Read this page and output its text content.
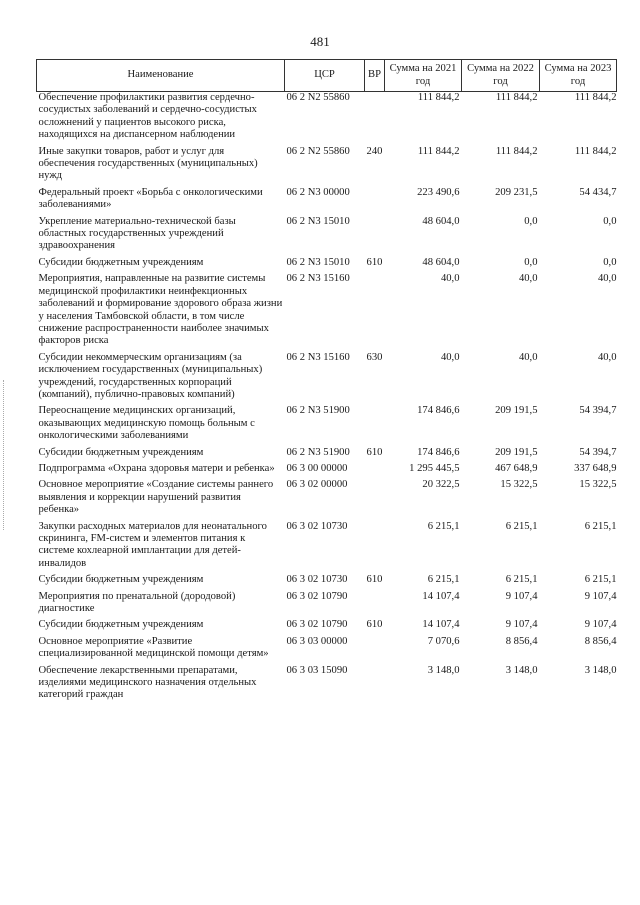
481
Наименование	ЦСР	ВР	Сумма на 2021 год	Сумма на 2022 год	Сумма на 2023 год
Обеспечение профилактики развития сердечно-сосудистых заболеваний и сердечно-сосудистых осложнений у пациентов высокого риска, находящихся на диспансерном наблюдении	06 2 N2 55860		111 844,2	111 844,2	111 844,2
Иные закупки товаров, работ и услуг для обеспечения государственных (муниципальных) нужд	06 2 N2 55860	240	111 844,2	111 844,2	111 844,2
Федеральный проект «Борьба с онкологическими заболеваниями»	06 2 N3 00000		223 490,6	209 231,5	54 434,7
Укрепление материально-технической базы областных государственных учреждений здравоохранения	06 2 N3 15010		48 604,0	0,0	0,0
Субсидии бюджетным учреждениям	06 2 N3 15010	610	48 604,0	0,0	0,0
Мероприятия, направленные на развитие системы медицинской профилактики неинфекционных заболеваний и формирование здорового образа жизни у населения Тамбовской области, в том числе снижение распространенности наиболее значимых факторов риска	06 2 N3 15160		40,0	40,0	40,0
Субсидии некоммерческим организациям (за исключением государственных (муниципальных) учреждений, государственных корпораций (компаний), публично-правовых компаний)	06 2 N3 15160	630	40,0	40,0	40,0
Переоснащение медицинских организаций, оказывающих медицинскую помощь больным с онкологическими заболеваниями	06 2 N3 51900		174 846,6	209 191,5	54 394,7
Субсидии бюджетным учреждениям	06 2 N3 51900	610	174 846,6	209 191,5	54 394,7
Подпрограмма «Охрана здоровья матери и ребенка»	06 3 00 00000		1 295 445,5	467 648,9	337 648,9
Основное мероприятие «Создание системы раннего выявления и коррекции нарушений развития ребенка»	06 3 02 00000		20 322,5	15 322,5	15 322,5
Закупки расходных материалов для неонатального скрининга, FM-систем и элементов питания к системе кохлеарной имплантации для детей-инвалидов	06 3 02 10730		6 215,1	6 215,1	6 215,1
Субсидии бюджетным учреждениям	06 3 02 10730	610	6 215,1	6 215,1	6 215,1
Мероприятия по пренатальной (дородовой) диагностике	06 3 02 10790		14 107,4	9 107,4	9 107,4
Субсидии бюджетным учреждениям	06 3 02 10790	610	14 107,4	9 107,4	9 107,4
Основное мероприятие «Развитие специализированной медицинской помощи детям»	06 3 03 00000		7 070,6	8 856,4	8 856,4
Обеспечение лекарственными препаратами, изделиями медицинского назначения отдельных категорий граждан	06 3 03 15090		3 148,0	3 148,0	3 148,0
